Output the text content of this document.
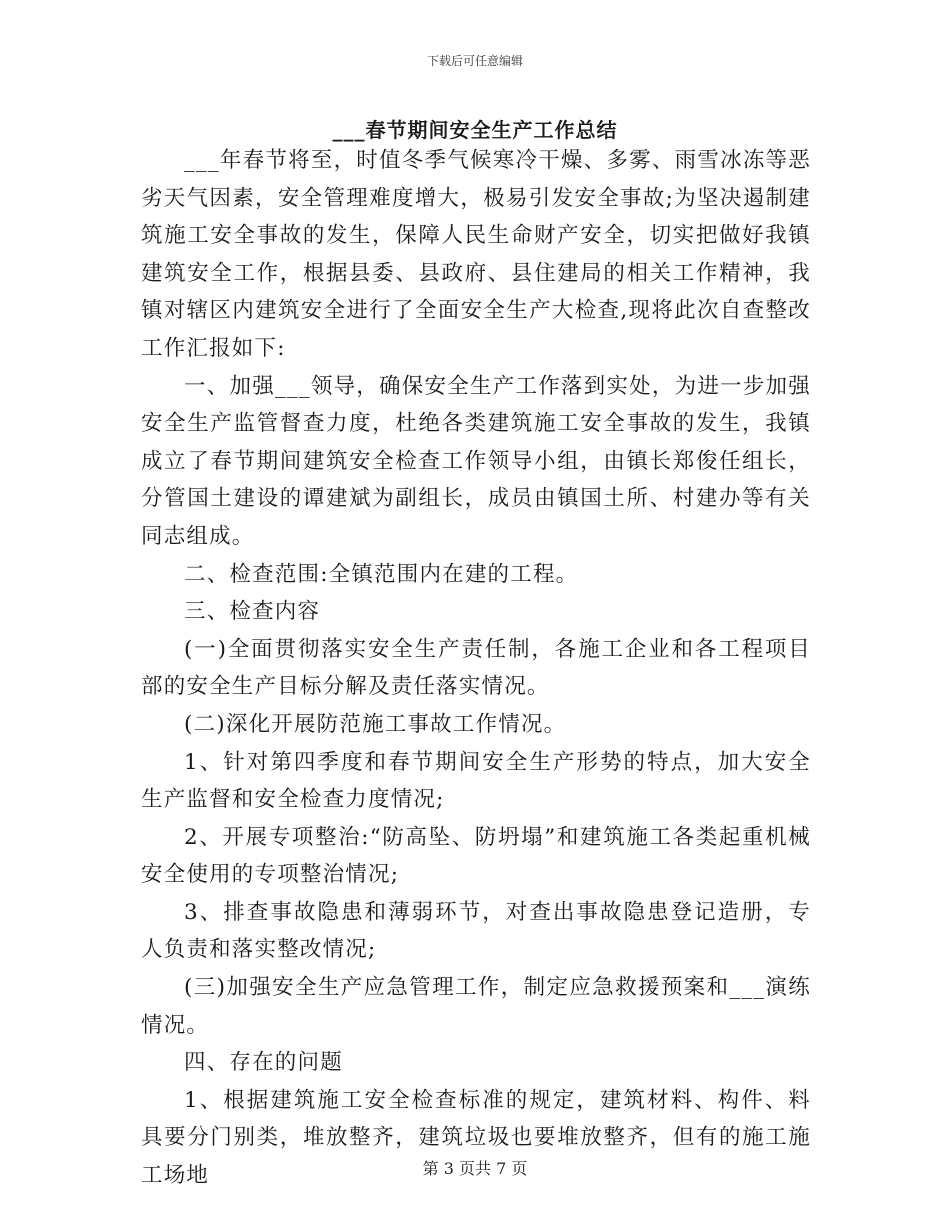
下载后可任意编辑
___春节期间安全生产工作总结

___年春节将至，时值冬季气候寒冷干燥、多雾、雨雪冰冻等恶劣天气因素，安全管理难度增大，极易引发安全事故;为坚决遏制建筑施工安全事故的发生，保障人民生命财产安全，切实把做好我镇建筑安全工作，根据县委、县政府、县住建局的相关工作精神，我镇对辖区内建筑安全进行了全面安全生产大检查,现将此次自查整改工作汇报如下:

一、加强___领导，确保安全生产工作落到实处，为进一步加强安全生产监管督查力度，杜绝各类建筑施工安全事故的发生，我镇成立了春节期间建筑安全检查工作领导小组，由镇长郑俊任组长，分管国土建设的谭建斌为副组长，成员由镇国土所、村建办等有关同志组成。

二、检查范围:全镇范围内在建的工程。

三、检查内容

(一)全面贯彻落实安全生产责任制，各施工企业和各工程项目部的安全生产目标分解及责任落实情况。

(二)深化开展防范施工事故工作情况。

1、针对第四季度和春节期间安全生产形势的特点，加大安全生产监督和安全检查力度情况;

2、开展专项整治:“防高坠、防坍塌”和建筑施工各类起重机械安全使用的专项整治情况;

3、排查事故隐患和薄弱环节，对查出事故隐患登记造册，专人负责和落实整改情况;

(三)加强安全生产应急管理工作，制定应急救援预案和___演练情况。

四、存在的问题

1、根据建筑施工安全检查标准的规定，建筑材料、构件、料具要分门别类，堆放整齐，建筑垃圾也要堆放整齐，但有的施工施工场地	第 3 页共 7 页
